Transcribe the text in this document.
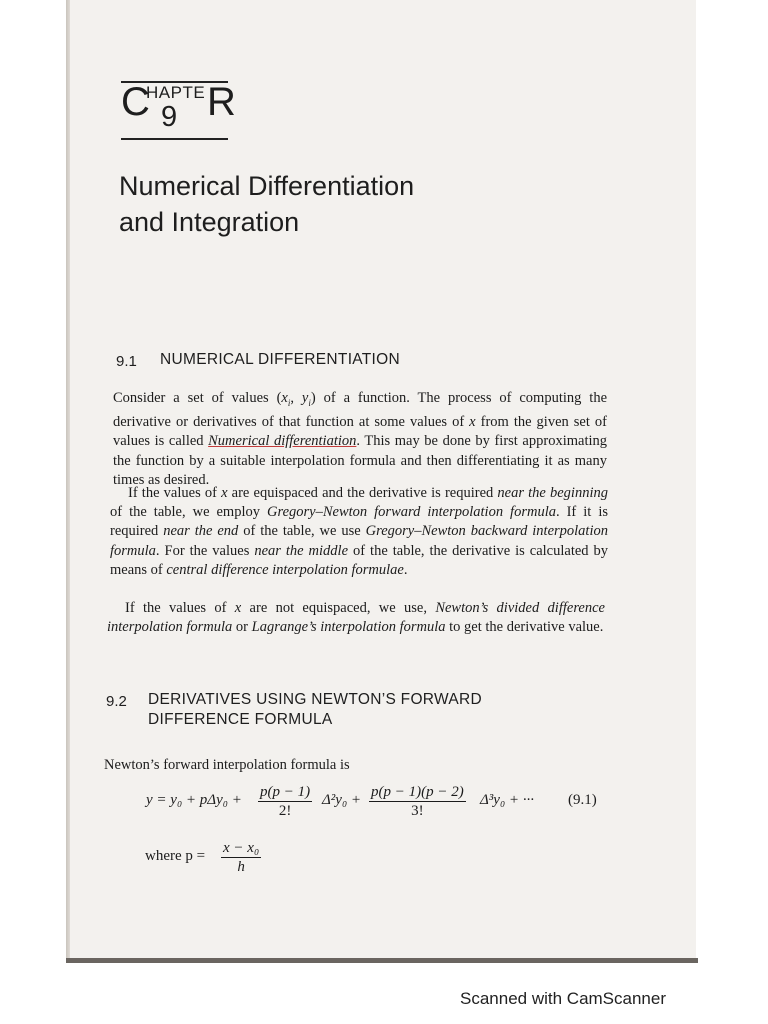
C
HAPTE R
9
Numerical Differentiation
and Integration
9.1 NUMERICAL DIFFERENTIATION
Consider a set of values ($x_i$, $y_i$) of a function. The process of computing the derivative or derivatives of that function at some values of x from the given set of values is called Numerical differentiation. This may be done by first approximating the function by a suitable interpolation formula and then differentiating it as many times as desired.
If the values of x are equispaced and the derivative is required near the beginning of the table, we employ Gregory–Newton forward interpolation formula. If it is required near the end of the table, we use Gregory–Newton backward interpolation formula. For the values near the middle of the table, the derivative is calculated by means of central difference interpolation formulae.
If the values of x are not equispaced, we use, Newton’s divided difference interpolation formula or Lagrange’s interpolation formula to get the derivative value.
9.2 DERIVATIVES USING NEWTON’S FORWARD
DIFFERENCE FORMULA
Newton’s forward interpolation formula is
$y = y_0 + p\Delta y_0 + \frac{p(p - 1)}{2!} \Delta^2y_0 + \frac{p(p - 1)(p - 2)}{3!} \Delta^3y_0$ + ··· (9.1)
where $p = \frac{\text{x − x₀}}{h}$
Scanned with CamScanner
